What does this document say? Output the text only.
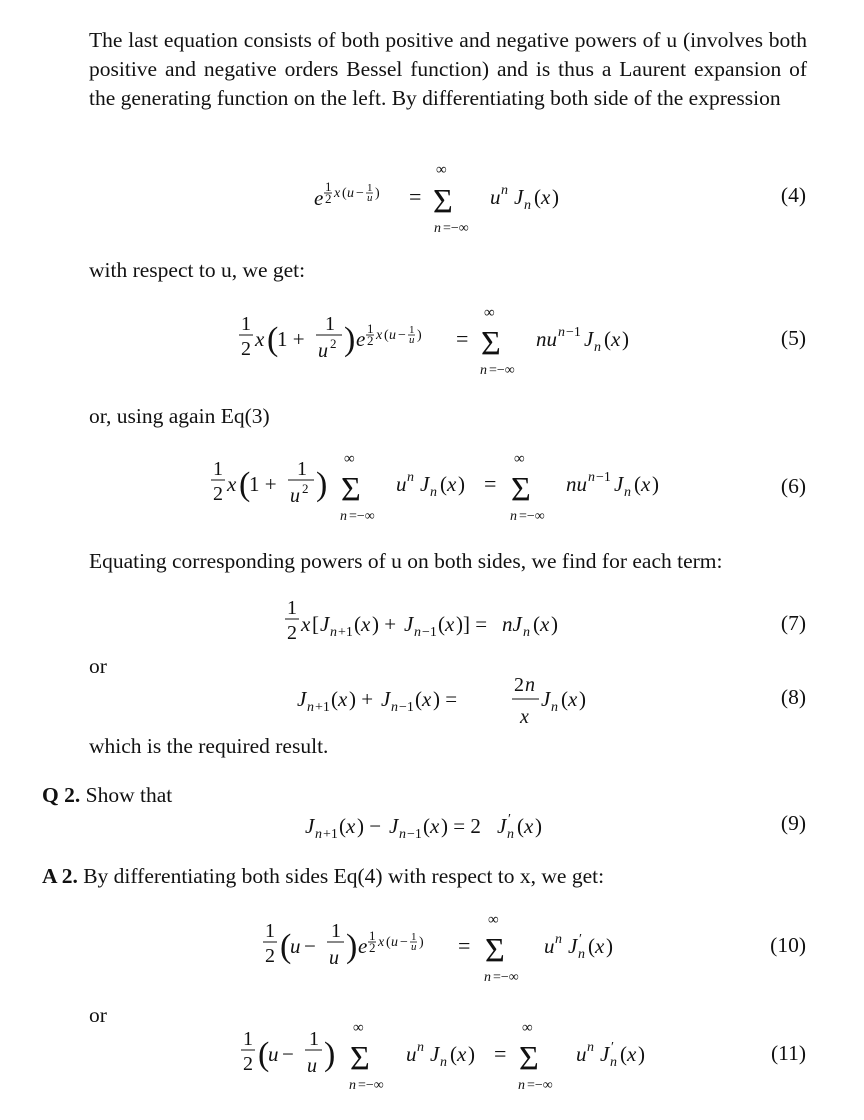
The last equation consists of both positive and negative powers of u (involves both positive and negative orders Bessel function) and is thus a Laurent expansion of the generating function on the left. By differentiating both side of the expression
e 1
2 x ( u − 1
u ) =
∞
Σ
n =−∞
u n J n ( x )	(4)
with respect to u, we get:
1
2 x (
1 +
1
u 2 ) e 1
2 x ( u − 1
u ) =
∞
Σ
n =−∞
nu n −1 J n ( x )	(5)
or, using again Eq(3)
1
2 x (
1 +
1
u 2 )
∞
Σ
n =−∞
u n J n ( x ) =
∞
Σ
n =−∞
nu n −1 J n ( x )	(6)
Equating corresponding powers of u on both sides, we find for each term:
1
2 x [ J n +1 ( x ) + J n −1 ( x )] = nJ n ( x )	(7)
or
J n +1 ( x ) + J n −1 ( x ) =
2 n
x
J n ( x )	(8)
which is the required result.
Q 2. Show that
J n +1 ( x ) − J n −1 ( x ) = 2 J ′
n ( x )	(9)
A 2. By differentiating both sides Eq(4) with respect to x, we get:
1
2 (
u −
1
u ) e 1
2 x ( u − 1
u ) =
∞
Σ
n =−∞
u n J ′
n ( x )	(10)
or
1
2 (
u −
1
u )
∞
Σ
n =−∞
u n J n ( x ) =
∞
Σ
n =−∞
u n J ′
n ( x )	(11)
